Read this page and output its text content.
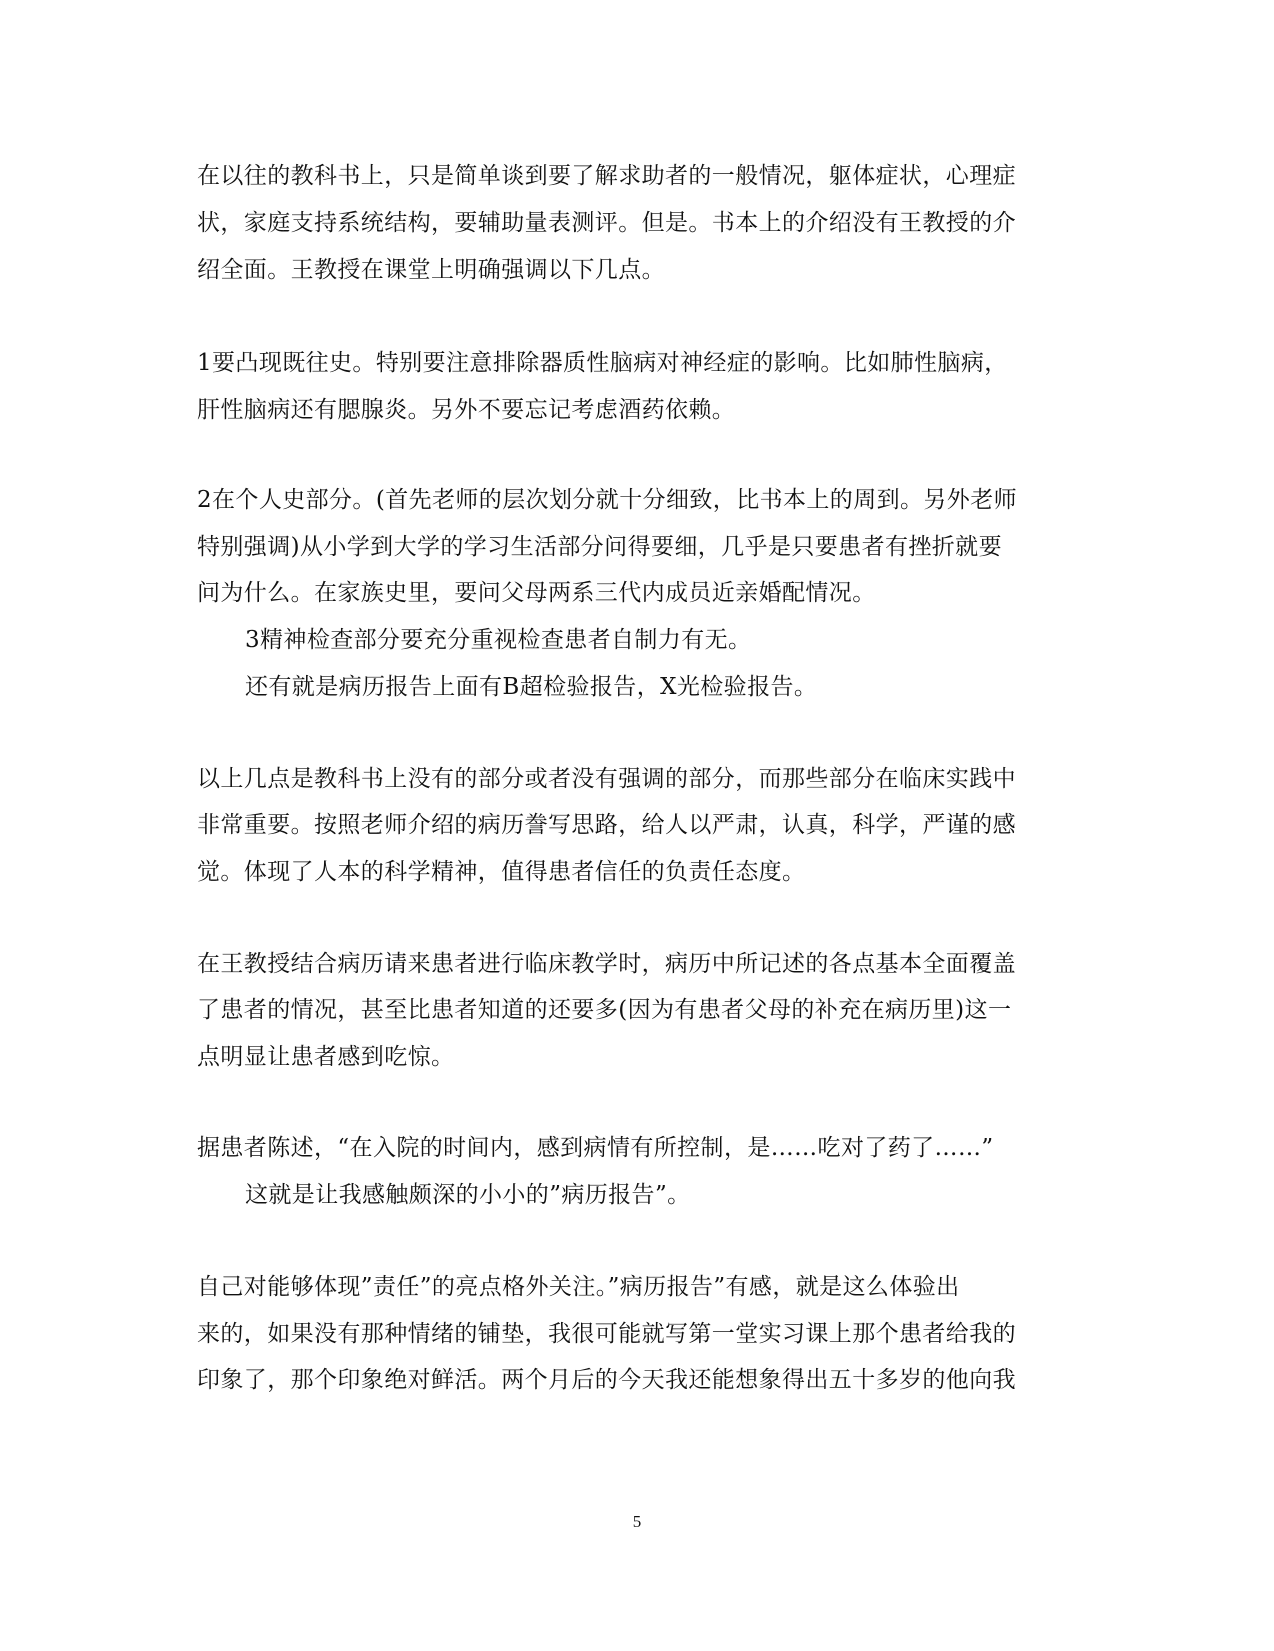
在以往的教科书上，只是简单谈到要了解求助者的一般情况，躯体症状，心理症
状，家庭支持系统结构，要辅助量表测评。但是。书本上的介绍没有王教授的介
绍全面。王教授在课堂上明确强调以下几点。
1要凸现既往史。特别要注意排除器质性脑病对神经症的影响。比如肺性脑病，
肝性脑病还有腮腺炎。另外不要忘记考虑酒药依赖。
2在个人史部分。(首先老师的层次划分就十分细致，比书本上的周到。另外老师
特别强调)从小学到大学的学习生活部分问得要细，几乎是只要患者有挫折就要
问为什么。在家族史里，要问父母两系三代内成员近亲婚配情况。
3精神检查部分要充分重视检查患者自制力有无。
还有就是病历报告上面有B超检验报告，X光检验报告。
以上几点是教科书上没有的部分或者没有强调的部分，而那些部分在临床实践中
非常重要。按照老师介绍的病历誊写思路，给人以严肃，认真，科学，严谨的感
觉。体现了人本的科学精神，值得患者信任的负责任态度。
在王教授结合病历请来患者进行临床教学时，病历中所记述的各点基本全面覆盖
了患者的情况，甚至比患者知道的还要多(因为有患者父母的补充在病历里)这一
点明显让患者感到吃惊。
据患者陈述，“在入院的时间内，感到病情有所控制，是……吃对了药了……”
这就是让我感触颇深的小小的”病历报告”。
自己对能够体现”责任”的亮点格外关注。”病历报告”有感，就是这么体验出
来的，如果没有那种情绪的铺垫，我很可能就写第一堂实习课上那个患者给我的
印象了，那个印象绝对鲜活。两个月后的今天我还能想象得出五十多岁的他向我
5
